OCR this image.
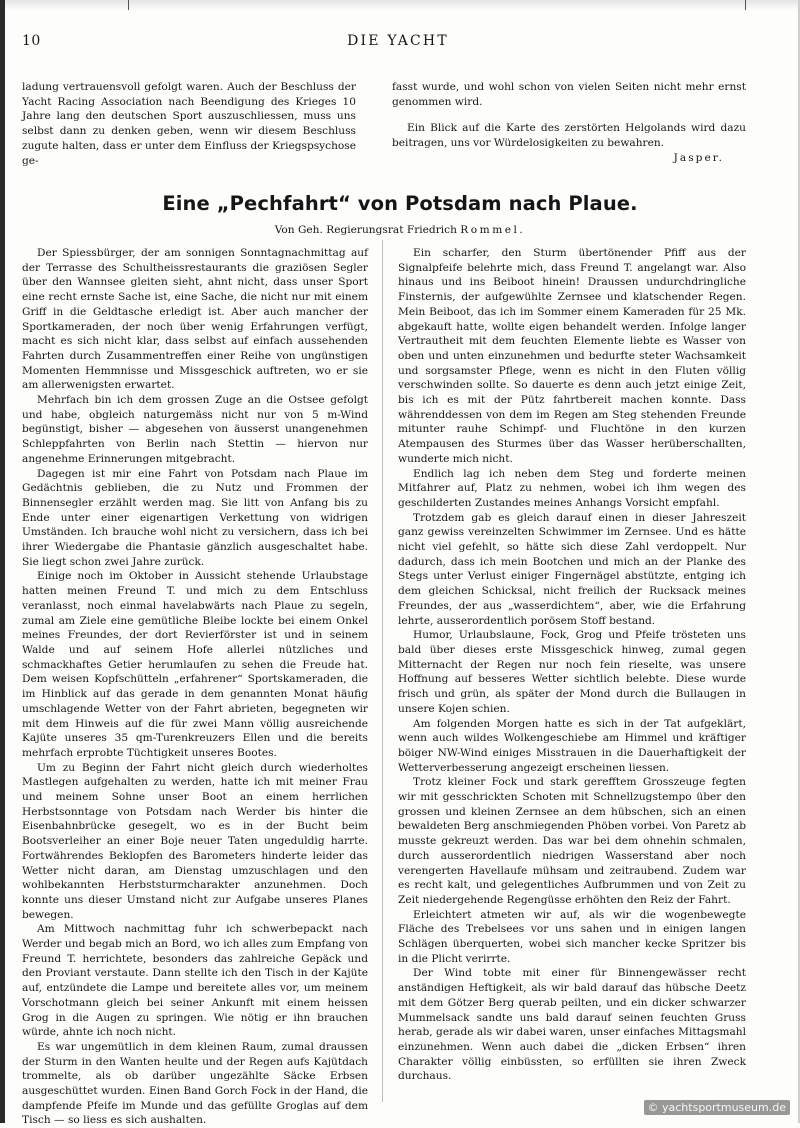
10	DIE YACHT

ladung vertrauensvoll gefolgt waren. Auch der Beschluss der Yacht Racing Association nach Beendigung des Krieges 10 Jahre lang den deutschen Sport auszuschliessen, muss uns selbst dann zu denken geben, wenn wir diesem Beschluss zugute halten, dass er unter dem Einfluss der Kriegspsychose ge-

fasst wurde, und wohl schon von vielen Seiten nicht mehr ernst genommen wird.

Ein Blick auf die Karte des zerstörten Helgolands wird dazu beitragen, uns vor Würdelosigkeiten zu bewahren.

Jasper.

Eine „Pechfahrt“ von Potsdam nach Plaue.
Von Geh. Regierungsrat Friedrich Rommel.

Der Spiessbürger, der am sonnigen Sonntagnachmittag auf der Terrasse des Schultheissrestaurants die graziösen Segler über den Wannsee gleiten sieht, ahnt nicht, dass unser Sport eine recht ernste Sache ist, eine Sache, die nicht nur mit einem Griff in die Geldtasche erledigt ist. Aber auch mancher der Sportkameraden, der noch über wenig Erfahrungen verfügt, macht es sich nicht klar, dass selbst auf einfach aussehenden Fahrten durch Zusammentreffen einer Reihe von ungünstigen Momenten Hemmnisse und Missgeschick auftreten, wo er sie am allerwenigsten erwartet.

Mehrfach bin ich dem grossen Zuge an die Ostsee gefolgt und habe, obgleich naturgemäss nicht nur von 5 m-Wind begünstigt, bisher — abgesehen von äusserst unangenehmen Schleppfahrten von Berlin nach Stettin — hiervon nur angenehme Erinnerungen mitgebracht.

Dagegen ist mir eine Fahrt von Potsdam nach Plaue im Gedächtnis geblieben, die zu Nutz und Frommen der Binnensegler erzählt werden mag. Sie litt von Anfang bis zu Ende unter einer eigenartigen Verkettung von widrigen Umständen. Ich brauche wohl nicht zu versichern, dass ich bei ihrer Wiedergabe die Phantasie gänzlich ausgeschaltet habe. Sie liegt schon zwei Jahre zurück.

Einige noch im Oktober in Aussicht stehende Urlaubstage hatten meinen Freund T. und mich zu dem Entschluss veranlasst, noch einmal havelabwärts nach Plaue zu segeln, zumal am Ziele eine gemütliche Bleibe lockte bei einem Onkel meines Freundes, der dort Revierförster ist und in seinem Walde und auf seinem Hofe allerlei nützliches und schmackhaftes Getier herumlaufen zu sehen die Freude hat. Dem weisen Kopfschütteln „erfahrener“ Sportskameraden, die im Hinblick auf das gerade in dem genannten Monat häufig umschlagende Wetter von der Fahrt abrieten, begegneten wir mit dem Hinweis auf die für zwei Mann völlig ausreichende Kajüte unseres 35 qm-Turenkreuzers Ellen und die bereits mehrfach erprobte Tüchtigkeit unseres Bootes.

Um zu Beginn der Fahrt nicht gleich durch wiederholtes Mastlegen aufgehalten zu werden, hatte ich mit meiner Frau und meinem Sohne unser Boot an einem herrlichen Herbstsonntage von Potsdam nach Werder bis hinter die Eisenbahnbrücke gesegelt, wo es in der Bucht beim Bootsverleiher an einer Boje neuer Taten ungeduldig harrte. Fortwährendes Beklopfen des Barometers hinderte leider das Wetter nicht daran, am Dienstag umzuschlagen und den wohlbekannten Herbststurmcharakter anzunehmen. Doch konnte uns dieser Umstand nicht zur Aufgabe unseres Planes bewegen.

Am Mittwoch nachmittag fuhr ich schwerbepackt nach Werder und begab mich an Bord, wo ich alles zum Empfang von Freund T. herrichtete, besonders das zahlreiche Gepäck und den Proviant verstaute. Dann stellte ich den Tisch in der Kajüte auf, entzündete die Lampe und bereitete alles vor, um meinem Vorschotmann gleich bei seiner Ankunft mit einem heissen Grog in die Augen zu springen. Wie nötig er ihn brauchen würde, ahnte ich noch nicht.

Es war ungemütlich in dem kleinen Raum, zumal draussen der Sturm in den Wanten heulte und der Regen aufs Kajütdach trommelte, als ob darüber ungezählte Säcke Erbsen ausgeschüttet wurden. Einen Band Gorch Fock in der Hand, die dampfende Pfeife im Munde und das gefüllte Groglas auf dem Tisch — so liess es sich aushalten.

Ein scharfer, den Sturm übertönender Pfiff aus der Signalpfeife belehrte mich, dass Freund T. angelangt war. Also hinaus und ins Beiboot hinein! Draussen undurchdringliche Finsternis, der aufgewühlte Zernsee und klatschender Regen. Mein Beiboot, das ich im Sommer einem Kameraden für 25 Mk. abgekauft hatte, wollte eigen behandelt werden. Infolge langer Vertrautheit mit dem feuchten Elemente liebte es Wasser von oben und unten einzunehmen und bedurfte steter Wachsamkeit und sorgsamster Pflege, wenn es nicht in den Fluten völlig verschwinden sollte. So dauerte es denn auch jetzt einige Zeit, bis ich es mit der Pütz fahrtbereit machen konnte. Dass währenddessen von dem im Regen am Steg stehenden Freunde mitunter rauhe Schimpf- und Fluchtöne in den kurzen Atempausen des Sturmes über das Wasser herüberschallten, wunderte mich nicht.

Endlich lag ich neben dem Steg und forderte meinen Mitfahrer auf, Platz zu nehmen, wobei ich ihm wegen des geschilderten Zustandes meines Anhangs Vorsicht empfahl.

Trotzdem gab es gleich darauf einen in dieser Jahreszeit ganz gewiss vereinzelten Schwimmer im Zernsee. Und es hätte nicht viel gefehlt, so hätte sich diese Zahl verdoppelt. Nur dadurch, dass ich mein Bootchen und mich an der Planke des Stegs unter Verlust einiger Fingernägel abstützte, entging ich dem gleichen Schicksal, nicht freilich der Rucksack meines Freundes, der aus „wasserdichtem“, aber, wie die Erfahrung lehrte, ausserordentlich porösem Stoff bestand.

Humor, Urlaubslaune, Fock, Grog und Pfeife trösteten uns bald über dieses erste Missgeschick hinweg, zumal gegen Mitternacht der Regen nur noch fein rieselte, was unsere Hoffnung auf besseres Wetter sichtlich belebte. Diese wurde frisch und grün, als später der Mond durch die Bullaugen in unsere Kojen schien.

Am folgenden Morgen hatte es sich in der Tat aufgeklärt, wenn auch wildes Wolkengeschiebe am Himmel und kräftiger böiger NW-Wind einiges Misstrauen in die Dauerhaftigkeit der Wetterverbesserung angezeigt erscheinen liessen.

Trotz kleiner Fock und stark gerefftem Grosszeuge fegten wir mit gesschrickten Schoten mit Schnellzugstempo über den grossen und kleinen Zernsee an dem hübschen, sich an einen bewaldeten Berg anschmiegenden Phöben vorbei. Von Paretz ab musste gekreuzt werden. Das war bei dem ohnehin schmalen, durch ausserordentlich niedrigen Wasserstand aber noch verengerten Havellaufe mühsam und zeitraubend. Zudem war es recht kalt, und gelegentliches Aufbrummen und von Zeit zu Zeit niedergehende Regengüsse erhöhten den Reiz der Fahrt.

Erleichtert atmeten wir auf, als wir die wogenbewegte Fläche des Trebelsees vor uns sahen und in einigen langen Schlägen überquerten, wobei sich mancher kecke Spritzer bis in die Plicht verirrte.

Der Wind tobte mit einer für Binnengewässer recht anständigen Heftigkeit, als wir bald darauf das hübsche Deetz mit dem Götzer Berg querab peilten, und ein dicker schwarzer Mummelsack sandte uns bald darauf seinen feuchten Gruss herab, gerade als wir dabei waren, unser einfaches Mittagsmahl einzunehmen. Wenn auch dabei die „dicken Erbsen“ ihren Charakter völlig einbüssten, so erfüllten sie ihren Zweck durchaus.

© yachtsportmuseum.de
